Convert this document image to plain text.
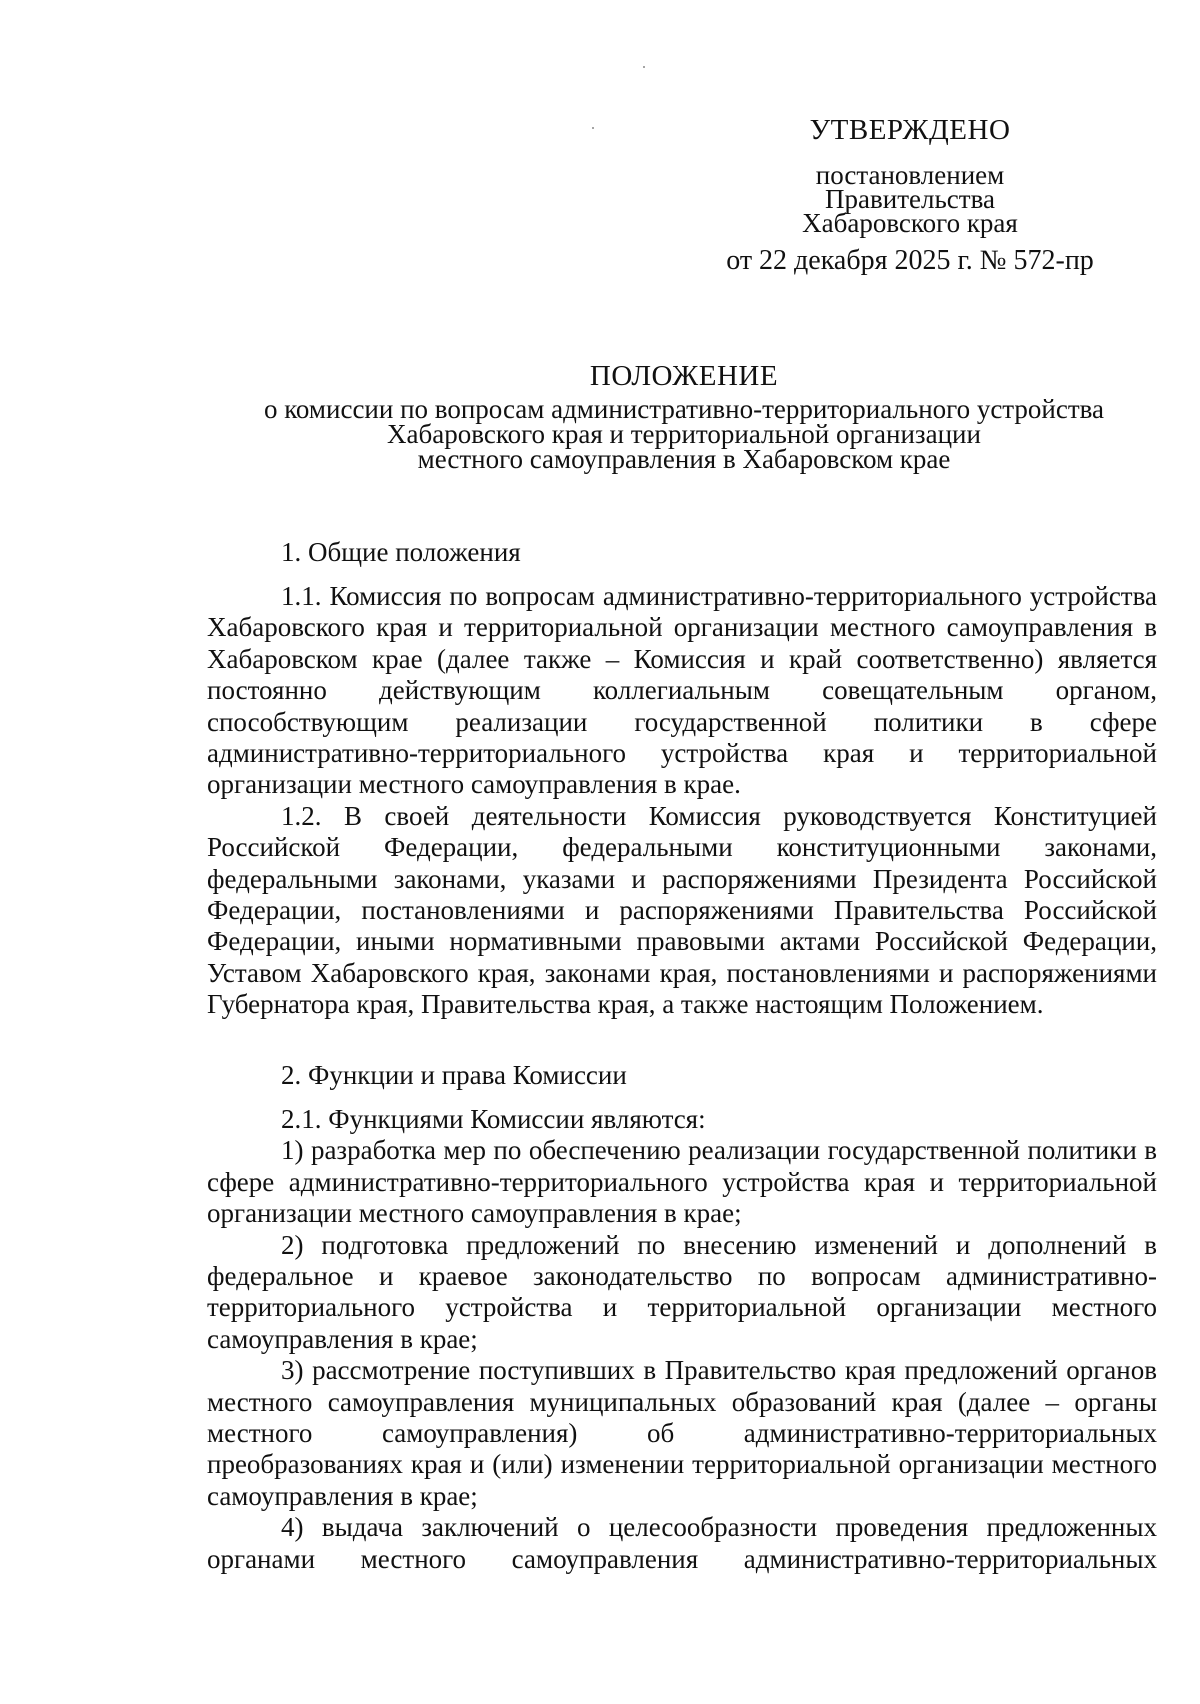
УТВЕРЖДЕНО
постановлением
Правительства
Хабаровского края
от 22 декабря 2025 г. № 572-пр
ПОЛОЖЕНИЕ
о комиссии по вопросам административно-территориального устройства
Хабаровского края и территориальной организации
местного самоуправления в Хабаровском крае
1. Общие положения

1.1. Комиссия по вопросам административно-территориального устройства Хабаровского края и территориальной организации местного самоуправления в Хабаровском крае (далее также – Комиссия и край соответственно) является постоянно действующим коллегиальным совещательным органом, способствующим реализации государственной политики в сфере административно-территориального устройства края и территориальной организации местного самоуправления в крае.

1.2. В своей деятельности Комиссия руководствуется Конституцией Российской Федерации, федеральными конституционными законами, федеральными законами, указами и распоряжениями Президента Российской Федерации, постановлениями и распоряжениями Правительства Российской Федерации, иными нормативными правовыми актами Российской Федерации, Уставом Хабаровского края, законами края, постановлениями и распоряжениями Губернатора края, Правительства края, а также настоящим Положением.

2. Функции и права Комиссии

2.1. Функциями Комиссии являются:

1) разработка мер по обеспечению реализации государственной политики в сфере административно-территориального устройства края и территориальной организации местного самоуправления в крае;

2) подготовка предложений по внесению изменений и дополнений в федеральное и краевое законодательство по вопросам административно-территориального устройства и территориальной организации местного самоуправления в крае;

3) рассмотрение поступивших в Правительство края предложений органов местного самоуправления муниципальных образований края (далее – органы местного самоуправления) об административно-территориальных преобразованиях края и (или) изменении территориальной организации местного самоуправления в крае;

4) выдача заключений о целесообразности проведения предложенных органами местного самоуправления административно-территориальных
